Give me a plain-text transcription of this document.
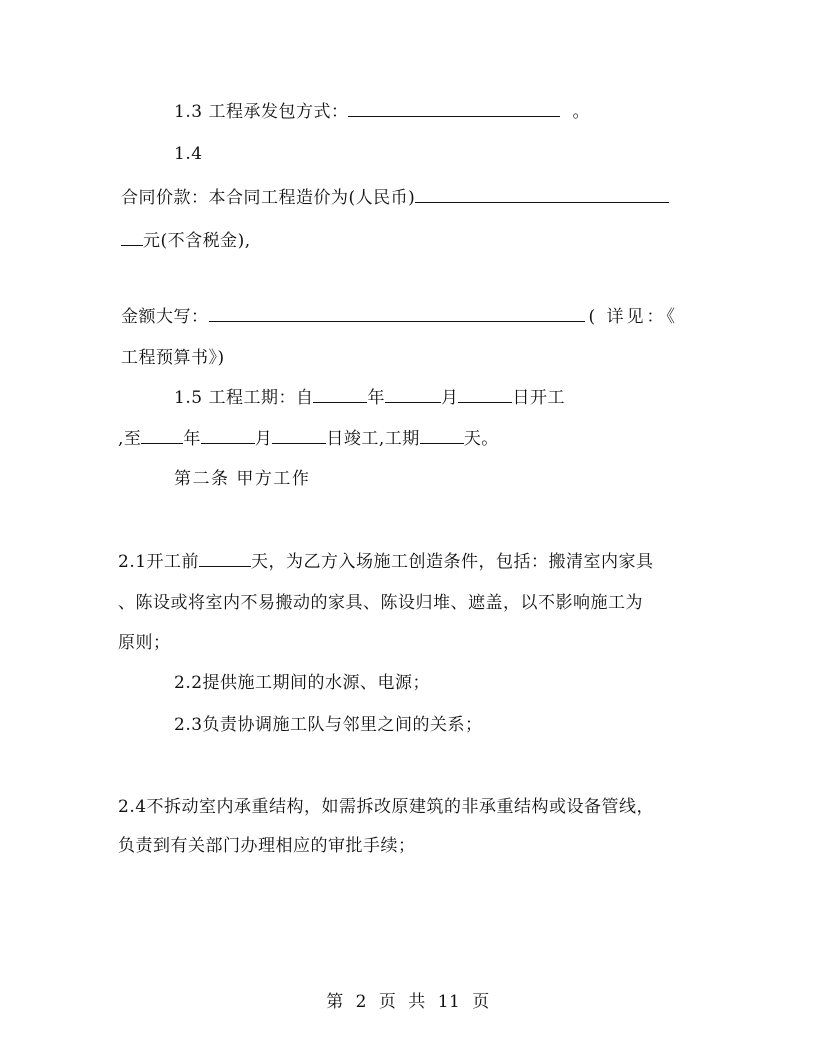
1.3 工程承发包方式：	。
1.4
合同价款：本合同工程造价为(人民币)
元(不含税金),
金额大写：	( 详见：《
工程预算书》)
1.5 工程工期：自	年	月	日开工
,至 年	月	日竣工,工期	天。
第二条 甲方工作
2.1开工前	天，为乙方入场施工创造条件，包括：搬清室内家具
、陈设或将室内不易搬动的家具、陈设归堆、遮盖，以不影响施工为
原则；
2.2提供施工期间的水源、电源；
2.3负责协调施工队与邻里之间的关系；
2.4不拆动室内承重结构，如需拆改原建筑的非承重结构或设备管线，
负责到有关部门办理相应的审批手续；
第 2 页 共 11 页
